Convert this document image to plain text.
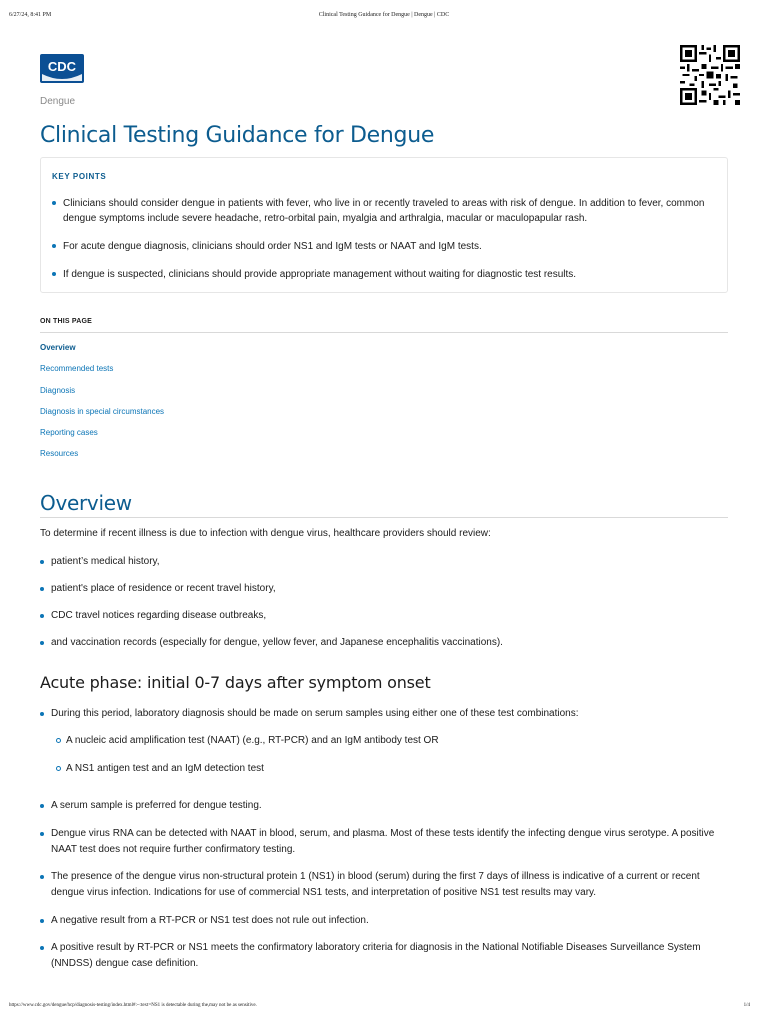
6/27/24, 8:41 PM	Clinical Testing Guidance for Dengue | Dengue | CDC
CDC
Dengue
Clinical Testing Guidance for Dengue
KEY POINTS
Clinicians should consider dengue in patients with fever, who live in or recently traveled to areas with risk of dengue. In addition to fever, common dengue symptoms include severe headache, retro-orbital pain, myalgia and arthralgia, macular or maculopapular rash.
For acute dengue diagnosis, clinicians should order NS1 and IgM tests or NAAT and IgM tests.
If dengue is suspected, clinicians should provide appropriate management without waiting for diagnostic test results.
ON THIS PAGE
Overview
Recommended tests
Diagnosis
Diagnosis in special circumstances
Reporting cases
Resources
Overview
To determine if recent illness is due to infection with dengue virus, healthcare providers should review:
patient’s medical history,
patient's place of residence or recent travel history,
CDC travel notices regarding disease outbreaks,
and vaccination records (especially for dengue, yellow fever, and Japanese encephalitis vaccinations).
Acute phase: initial 0-7 days after symptom onset
During this period, laboratory diagnosis should be made on serum samples using either one of these test combinations:
A nucleic acid amplification test (NAAT) (e.g., RT-PCR) and an IgM antibody test OR
A NS1 antigen test and an IgM detection test
A serum sample is preferred for dengue testing.
Dengue virus RNA can be detected with NAAT in blood, serum, and plasma. Most of these tests identify the infecting dengue virus serotype. A positive NAAT test does not require further confirmatory testing.
The presence of the dengue virus non-structural protein 1 (NS1) in blood (serum) during the first 7 days of illness is indicative of a current or recent dengue virus infection. Indications for use of commercial NS1 tests, and interpretation of positive NS1 test results may vary.
A negative result from a RT-PCR or NS1 test does not rule out infection.
A positive result by RT-PCR or NS1 meets the confirmatory laboratory criteria for diagnosis in the National Notifiable Diseases Surveillance System (NNDSS) dengue case definition.
https://www.cdc.gov/dengue/hcp/diagnosis-testing/index.html#:~:text=NS1 is detectable during the,may not be as sensitive.	1/4
